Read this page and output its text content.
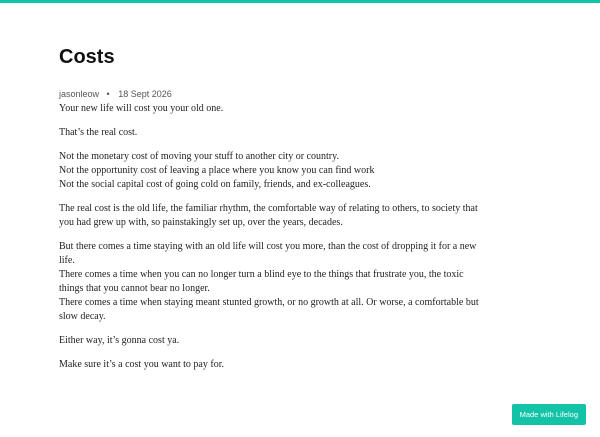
Costs
jasonleow • 18 Sept 2026

Your new life will cost you your old one.

That’s the real cost.

Not the monetary cost of moving your stuff to another city or country.
Not the opportunity cost of leaving a place where you know you can find work
Not the social capital cost of going cold on family, friends, and ex-colleagues.

The real cost is the old life, the familiar rhythm, the comfortable way of relating to others, to society that
you had grew up with, so painstakingly set up, over the years, decades.

But there comes a time staying with an old life will cost you more, than the cost of dropping it for a new
life.
There comes a time when you can no longer turn a blind eye to the things that frustrate you, the toxic
things that you cannot bear no longer.
There comes a time when staying meant stunted growth, or no growth at all. Or worse, a comfortable but
slow decay.

Either way, it’s gonna cost ya.

Make sure it’s a cost you want to pay for.

Made with Lifelog
